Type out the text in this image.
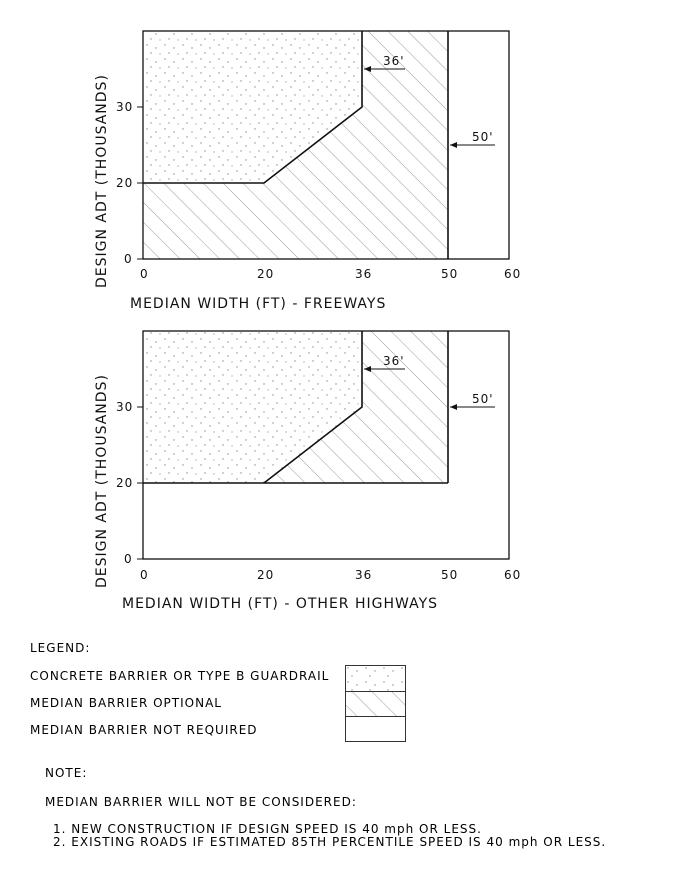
30
20
0
0	20	36	50	60
36'
50'
MEDIAN WIDTH (FT) - FREEWAYS
DESIGN ADT (THOUSANDS)
30
20
0
0	20	36	50	60
36'
50'
MEDIAN WIDTH (FT) - OTHER HIGHWAYS
DESIGN ADT (THOUSANDS)
LEGEND:
CONCRETE BARRIER OR TYPE B GUARDRAIL
MEDIAN BARRIER OPTIONAL
MEDIAN BARRIER NOT REQUIRED
NOTE:
MEDIAN BARRIER WILL NOT BE CONSIDERED:
1. NEW CONSTRUCTION IF DESIGN SPEED IS 40 mph OR LESS.
2. EXISTING ROADS IF ESTIMATED 85TH PERCENTILE SPEED IS 40 mph OR LESS.
